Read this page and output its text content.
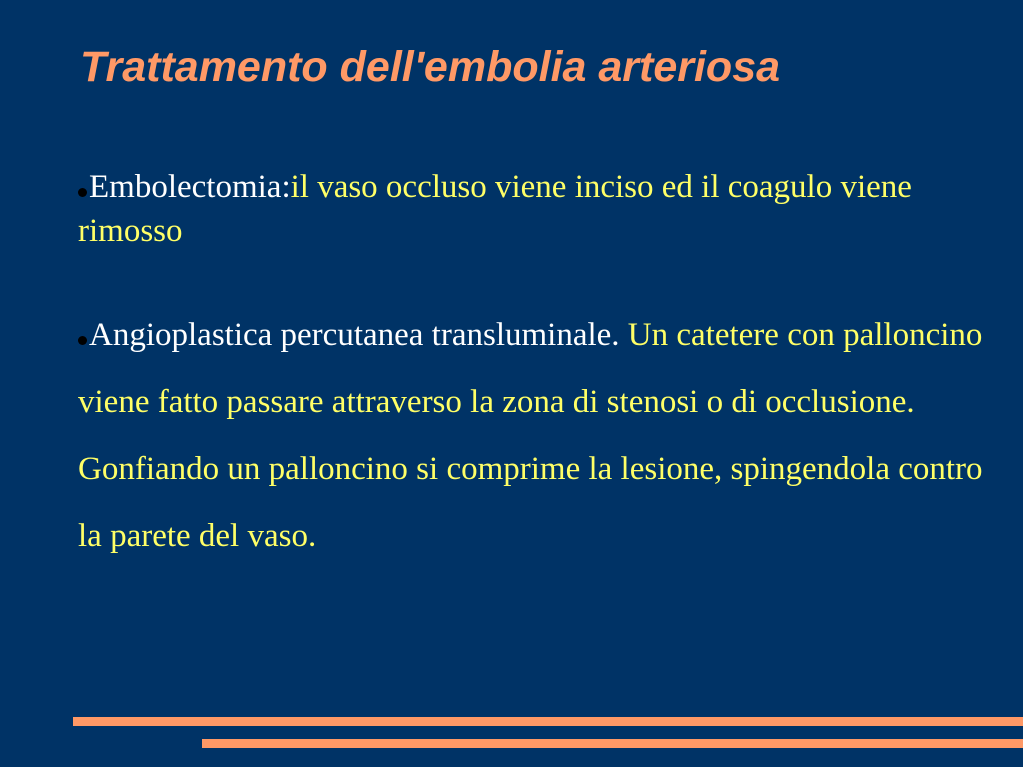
Trattamento dell'embolia arteriosa

Embolectomia:il vaso occluso viene inciso ed il coagulo viene rimosso

Angioplastica percutanea transluminale. Un catetere con palloncino viene fatto passare attraverso la zona di stenosi o di occlusione. Gonfiando un palloncino si comprime la lesione, spingendola contro la parete del vaso.
